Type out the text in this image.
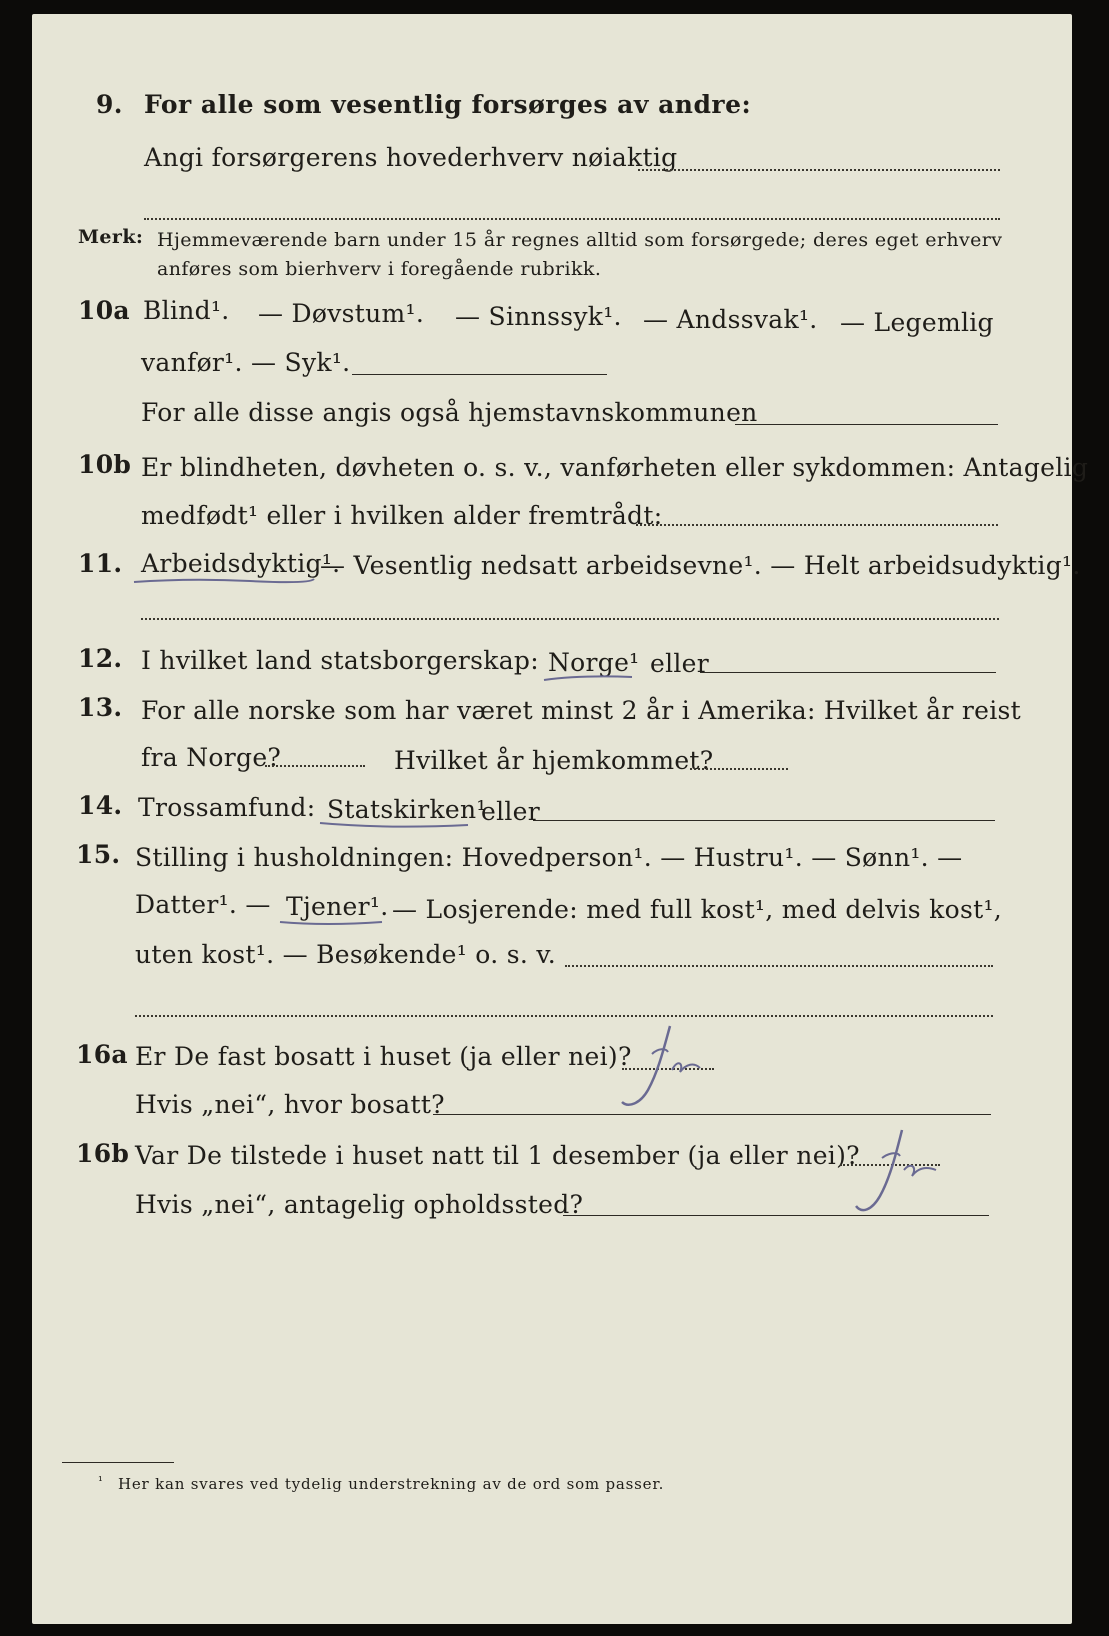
9. For alle som vesentlig forsørges av andre:
Angi forsørgerens hovederhverv nøiaktig
Merk: Hjemmeværende barn under 15 år regnes alltid som forsørgede; deres eget erhverv
anføres som bierhverv i foregående rubrikk.
10a Blind¹. — Døvstum¹. — Sinnssyk¹. — Andssvak¹. — Legemlig
vanfør¹. — Syk¹.
For alle disse angis også hjemstavnskommunen
10b Er blindheten, døvheten o. s. v., vanførheten eller sykdommen: Antagelig
medfødt¹ eller i hvilken alder fremtrådt:
11. Arbeidsdyktig¹.
— Vesentlig nedsatt arbeidsevne¹. — Helt arbeidsudyktig¹.
12. I hvilket land statsborgerskap: Norge¹ eller
13. For alle norske som har været minst 2 år i Amerika: Hvilket år reist
fra Norge?	Hvilket år hjemkommet?
14. Trossamfund: Statskirken¹
eller
15. Stilling i husholdningen: Hovedperson¹. — Hustru¹. — Sønn¹. —
Datter¹. — Tjener¹. — Losjerende: med full kost¹, med delvis kost¹,
uten kost¹. — Besøkende¹ o. s. v.
16a Er De fast bosatt i huset (ja eller nei)?
Hvis „nei“, hvor bosatt?
16b Var De tilstede i huset natt til 1 desember (ja eller nei)?
Hvis „nei“, antagelig opholdssted?
¹ Her kan svares ved tydelig understrekning av de ord som passer.
